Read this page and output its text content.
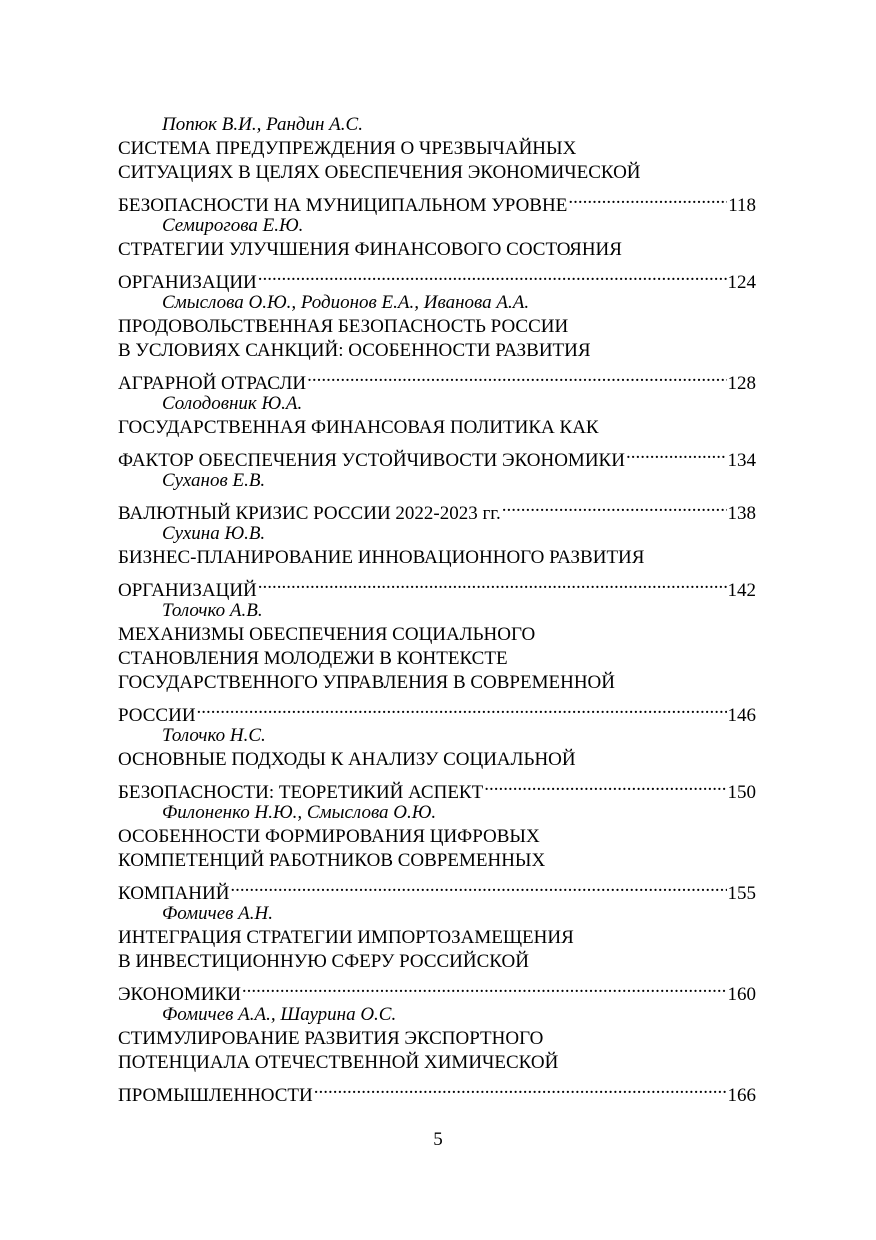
Попюк В.И., Рандин А.С.
СИСТЕМА ПРЕДУПРЕЖДЕНИЯ О ЧРЕЗВЫЧАЙНЫХ
СИТУАЦИЯХ В ЦЕЛЯХ ОБЕСПЕЧЕНИЯ ЭКОНОМИЧЕСКОЙ
БЕЗОПАСНОСТИ НА МУНИЦИПАЛЬНОМ УРОВНЕ .....	118
Семирогова Е.Ю.
СТРАТЕГИИ УЛУЧШЕНИЯ ФИНАНСОВОГО СОСТОЯНИЯ
ОРГАНИЗАЦИИ .....	124
Смыслова О.Ю., Родионов Е.А., Иванова А.А.
ПРОДОВОЛЬСТВЕННАЯ БЕЗОПАСНОСТЬ РОССИИ
В УСЛОВИЯХ САНКЦИЙ: ОСОБЕННОСТИ РАЗВИТИЯ
АГРАРНОЙ ОТРАСЛИ .....	128
Солодовник Ю.А.
ГОСУДАРСТВЕННАЯ ФИНАНСОВАЯ ПОЛИТИКА КАК
ФАКТОР ОБЕСПЕЧЕНИЯ УСТОЙЧИВОСТИ ЭКОНОМИКИ .....	134
Суханов Е.В.
ВАЛЮТНЫЙ КРИЗИС РОССИИ 2022-2023 гг. .....	138
Сухина Ю.В.
БИЗНЕС-ПЛАНИРОВАНИЕ ИННОВАЦИОННОГО РАЗВИТИЯ
ОРГАНИЗАЦИЙ .....	142
Толочко А.В.
МЕХАНИЗМЫ ОБЕСПЕЧЕНИЯ СОЦИАЛЬНОГО
СТАНОВЛЕНИЯ МОЛОДЕЖИ В КОНТЕКСТЕ
ГОСУДАРСТВЕННОГО УПРАВЛЕНИЯ В СОВРЕМЕННОЙ
РОССИИ .....	146
Толочко Н.С.
ОСНОВНЫЕ ПОДХОДЫ К АНАЛИЗУ СОЦИАЛЬНОЙ
БЕЗОПАСНОСТИ: ТЕОРЕТИКИЙ АСПЕКТ .....	150
Филоненко Н.Ю., Смыслова О.Ю.
ОСОБЕННОСТИ ФОРМИРОВАНИЯ ЦИФРОВЫХ
КОМПЕТЕНЦИЙ РАБОТНИКОВ СОВРЕМЕННЫХ
КОМПАНИЙ .....	155
Фомичев А.Н.
ИНТЕГРАЦИЯ СТРАТЕГИИ ИМПОРТОЗАМЕЩЕНИЯ
В ИНВЕСТИЦИОННУЮ СФЕРУ РОССИЙСКОЙ
ЭКОНОМИКИ .....	160
Фомичев А.А., Шаурина О.С.
СТИМУЛИРОВАНИЕ РАЗВИТИЯ ЭКСПОРТНОГО
ПОТЕНЦИАЛА ОТЕЧЕСТВЕННОЙ ХИМИЧЕСКОЙ
ПРОМЫШЛЕННОСТИ .....	166
5
